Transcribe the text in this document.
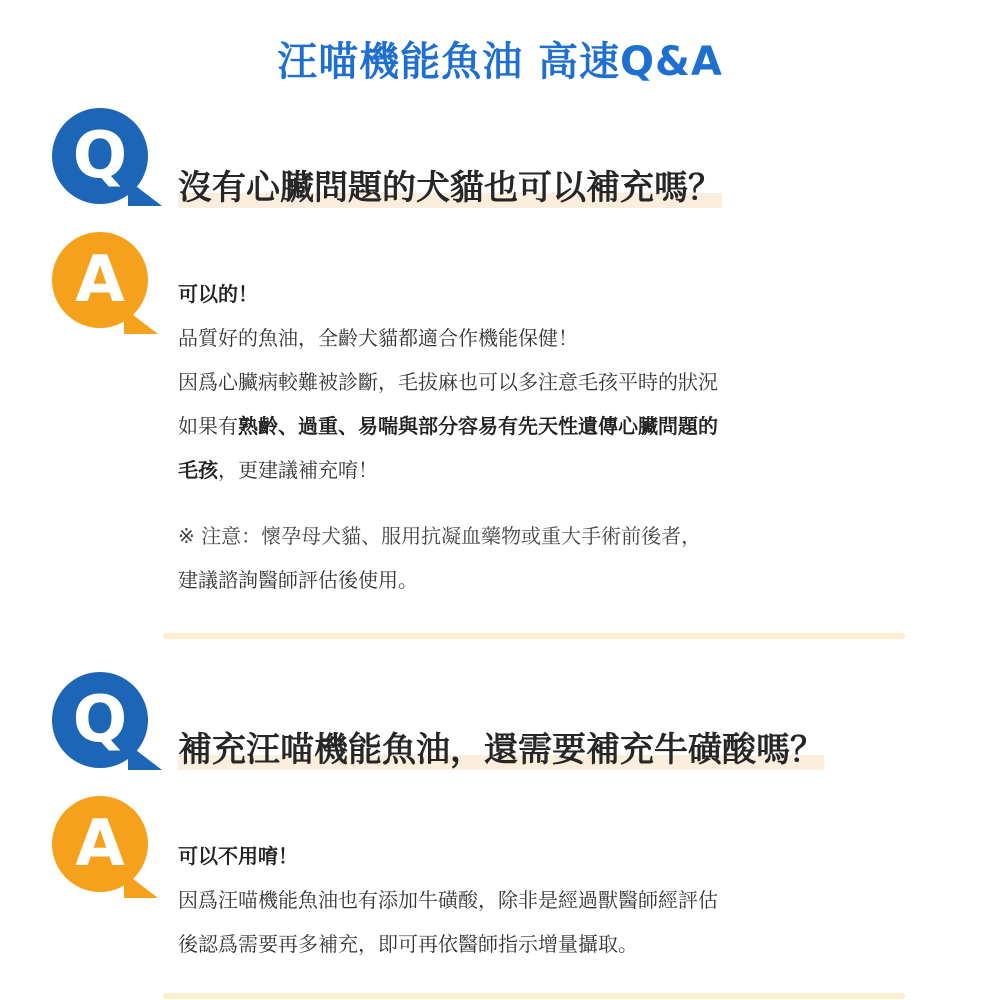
汪喵機能魚油 高速Q&A
Q 沒有心臟問題的犬貓也可以補充嗎？
A	可以的！

品質好的魚油，全齡犬貓都適合作機能保健！

因爲心臟病較難被診斷，毛拔麻也可以多注意毛孩平時的狀況

如果有熟齡、過重、易喘與部分容易有先天性遺傳心臟問題的

毛孩，更建議補充唷！

※ 注意：懷孕母犬貓、服用抗凝血藥物或重大手術前後者，

建議諮詢醫師評估後使用。

Q 補充汪喵機能魚油，還需要補充牛磺酸嗎？
A	可以不用唷！

因爲汪喵機能魚油也有添加牛磺酸，除非是經過獸醫師經評估

後認爲需要再多補充，即可再依醫師指示增量攝取。
